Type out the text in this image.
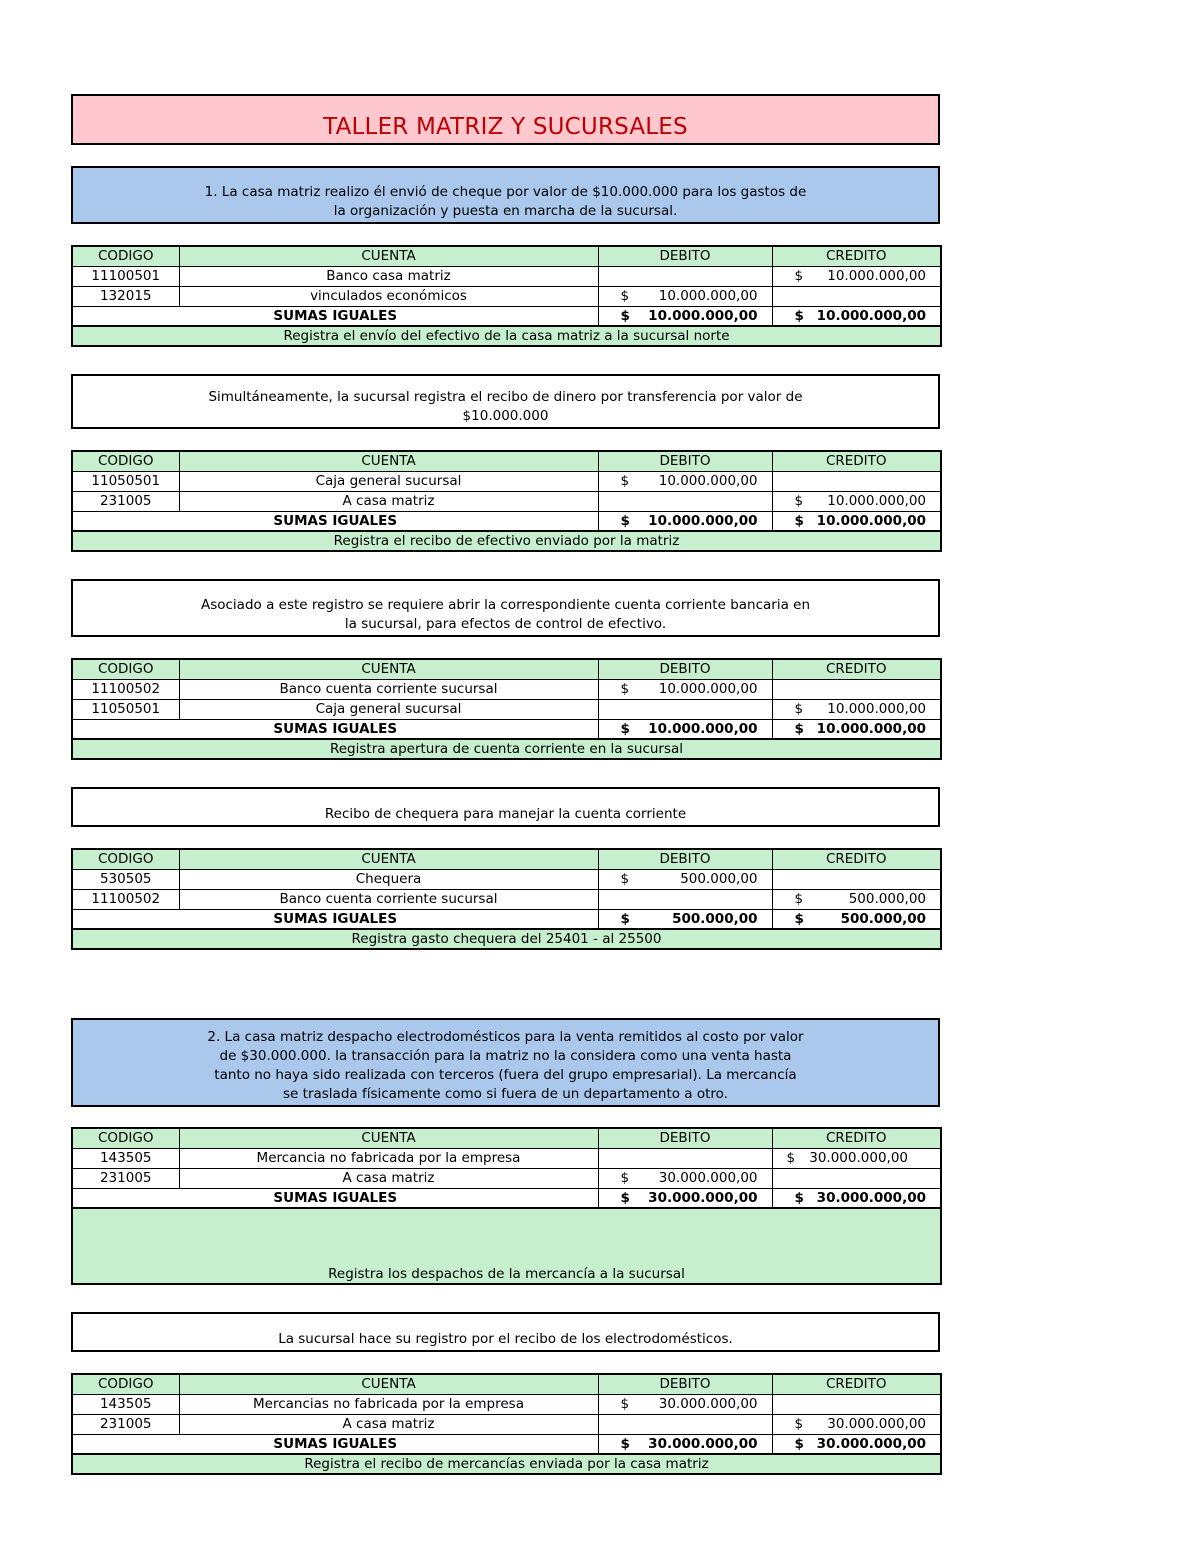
TALLER MATRIZ Y SUCURSALES
1. La casa matriz realizo él envió de cheque por valor de $10.000.000 para los gastos de
la organización y puesta en marcha de la sucursal.
CODIGO	CUENTA	DEBITO	CREDITO
11100501	Banco casa matriz		$ 10.000.000,00

132015	vinculados económicos	$ 10.000.000,00	

SUMAS IGUALES		$ 10.000.000,00	$ 10.000.000,00

Registra el envío del efectivo de la casa matriz a la sucursal norte			
Simultáneamente, la sucursal registra el recibo de dinero por transferencia por valor de
$10.000.000
CODIGO	CUENTA	DEBITO	CREDITO
11050501	Caja general sucursal	$ 10.000.000,00	

231005	A casa matriz		$ 10.000.000,00

SUMAS IGUALES		$ 10.000.000,00	$ 10.000.000,00

Registra el recibo de efectivo enviado por la matriz			
Asociado a este registro se requiere abrir la correspondiente cuenta corriente bancaria en
la sucursal, para efectos de control de efectivo.
CODIGO	CUENTA	DEBITO	CREDITO
11100502	Banco cuenta corriente sucursal	$ 10.000.000,00	

11050501	Caja general sucursal		$ 10.000.000,00

SUMAS IGUALES		$ 10.000.000,00	$ 10.000.000,00

Registra apertura de cuenta corriente en la sucursal			
Recibo de chequera para manejar la cuenta corriente
CODIGO	CUENTA	DEBITO	CREDITO
530505	Chequera	$ 500.000,00	

11100502	Banco cuenta corriente sucursal		$ 500.000,00

SUMAS IGUALES		$ 500.000,00	$ 500.000,00

Registra gasto chequera del 25401 - al 25500			
2. La casa matriz despacho electrodomésticos para la venta remitidos al costo por valor
de $30.000.000. la transacción para la matriz no la considera como una venta hasta
tanto no haya sido realizada con terceros (fuera del grupo empresarial). La mercancía
se traslada físicamente como si fuera de un departamento a otro.
CODIGO	CUENTA	DEBITO	CREDITO
143505	Mercancia no fabricada por la empresa		$ 30.000.000,00

231005	A casa matriz	$ 30.000.000,00	

SUMAS IGUALES		$ 30.000.000,00	$ 30.000.000,00

Registra los despachos de la mercancía a la sucursal			
La sucursal hace su registro por el recibo de los electrodomésticos.
CODIGO	CUENTA	DEBITO	CREDITO
143505	Mercancias no fabricada por la empresa	$ 30.000.000,00	

231005	A casa matriz		$ 30.000.000,00

SUMAS IGUALES		$ 30.000.000,00	$ 30.000.000,00

Registra el recibo de mercancías enviada por la casa matriz			
